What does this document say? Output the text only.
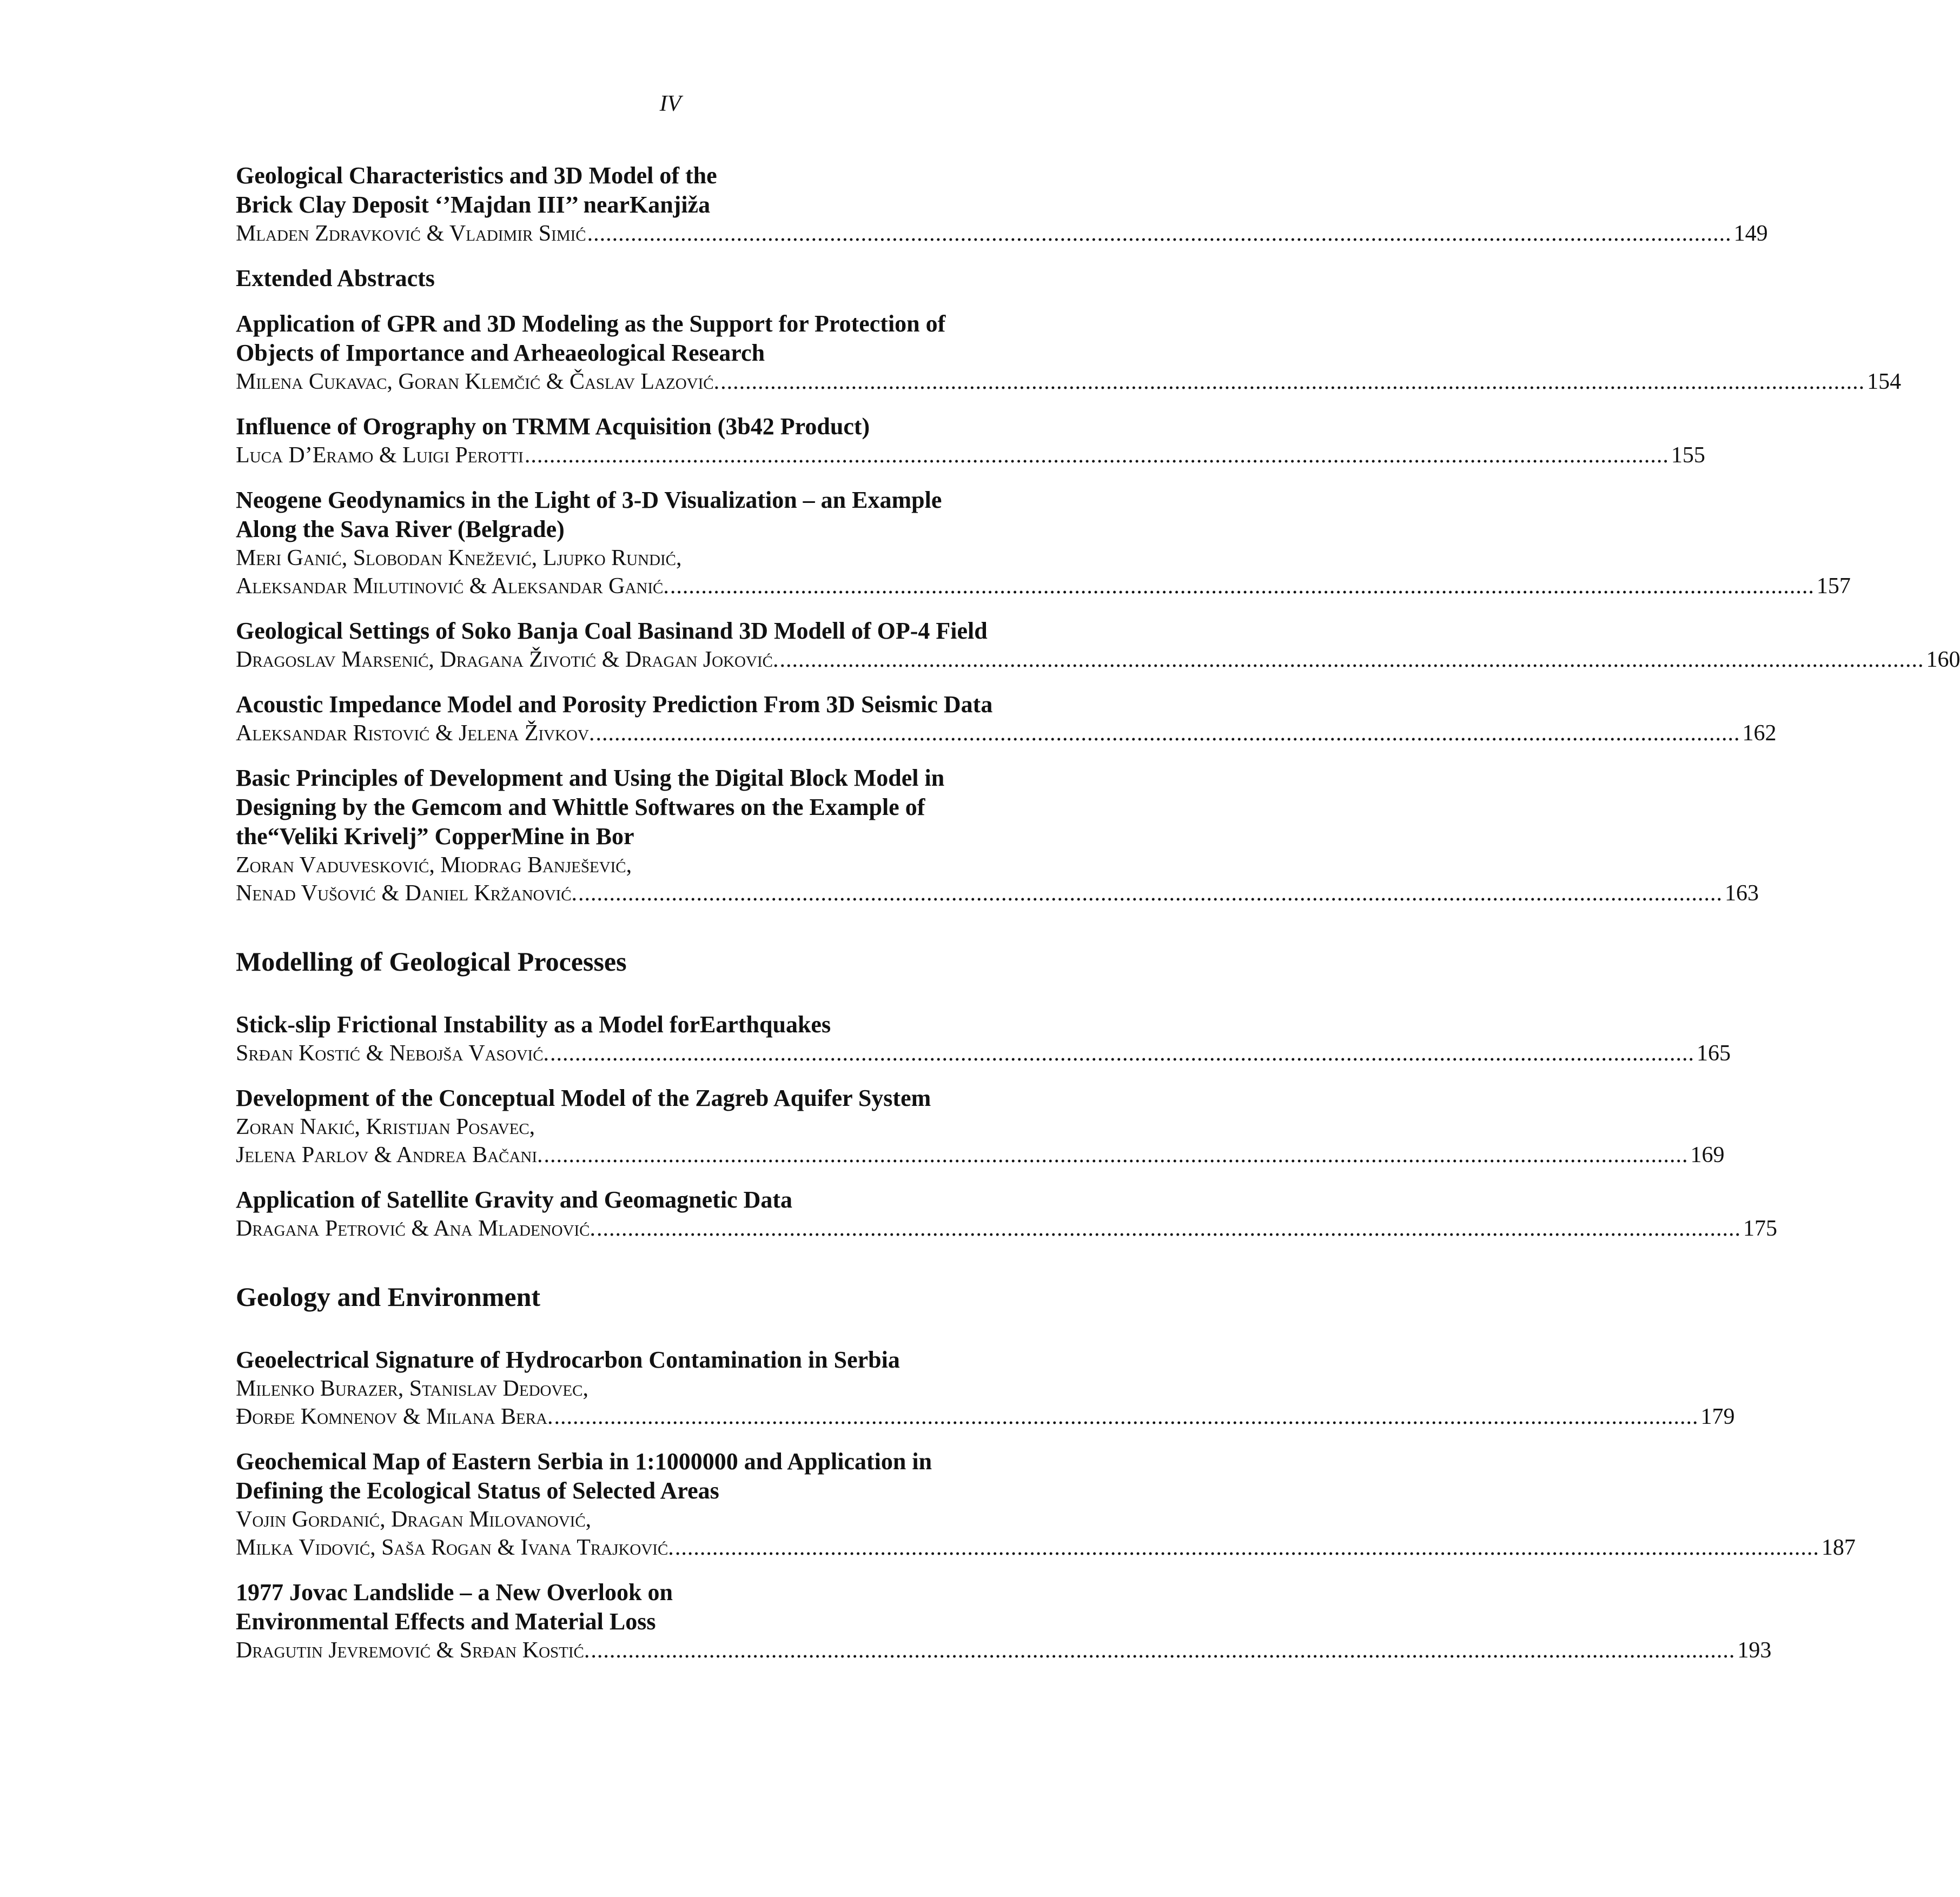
IV
Geological Characteristics and 3D Model of the
Brick Clay Deposit ‘’Majdan III’’ nearKanjiža
Mladen Zdravković & Vladimir Simić ........................................................................................................................................................................................ 149
Extended Abstracts
Application of GPR and 3D Modeling as the Support for Protection of
Objects of Importance and Arheaeological Research
Milena Cukavac, Goran Klemčić & Časlav Lazović. ........................................................................................................................................................................................ 154
Influence of Orography on TRMM Acquisition (3b42 Product)
Luca D’Eramo & Luigi Perotti ........................................................................................................................................................................................ 155
Neogene Geodynamics in the Light of 3-D Visualization – an Example
Along the Sava River (Belgrade)
Meri Ganić, Slobodan Knežević, Ljupko Rundić,
Aleksandar Milutinović & Aleksandar Ganić. ........................................................................................................................................................................................ 157
Geological Settings of Soko Banja Coal Basinand 3D Modell of OP-4 Field
Dragoslav Marsenić, Dragana Životić & Dragan Joković. ........................................................................................................................................................................................ 160
Acoustic Impedance Model and Porosity Prediction From 3D Seismic Data
Aleksandar Ristović & Jelena Živkov. ........................................................................................................................................................................................ 162
Basic Principles of Development and Using the Digital Block Model in
Designing by the Gemcom and Whittle Softwares on the Example of
the“Veliki Krivelj” CopperMine in Bor
Zoran Vaduvesković, Miodrag Banješević,
Nenad Vušović & Daniel Kržanović. ........................................................................................................................................................................................ 163
Modelling of Geological Processes
Stick-slip Frictional Instability as a Model forEarthquakes
Srđan Kostić & Nebojša Vasović. ........................................................................................................................................................................................ 165
Development of the Conceptual Model of the Zagreb Aquifer System
Zoran Nakić, Kristijan Posavec,
Jelena Parlov & Andrea Bačani. ........................................................................................................................................................................................ 169
Application of Satellite Gravity and Geomagnetic Data
Dragana Petrović & Ana Mladenović. ........................................................................................................................................................................................ 175
Geology and Environment
Geoelectrical Signature of Hydrocarbon Contamination in Serbia
Milenko Burazer, Stanislav Dedovec,
Đorđe Komnenov & Milana Bera. ........................................................................................................................................................................................ 179
Geochemical Map of Eastern Serbia in 1:1000000 and Application in
Defining the Ecological Status of Selected Areas
Vojin Gordanić, Dragan Milovanović,
Milka Vidović, Saša Rogan & Ivana Trajković. ........................................................................................................................................................................................ 187
1977 Jovac Landslide – a New Overlook on
Environmental Effects and Material Loss
Dragutin Jevremović & Srđan Kostić. ........................................................................................................................................................................................ 193
